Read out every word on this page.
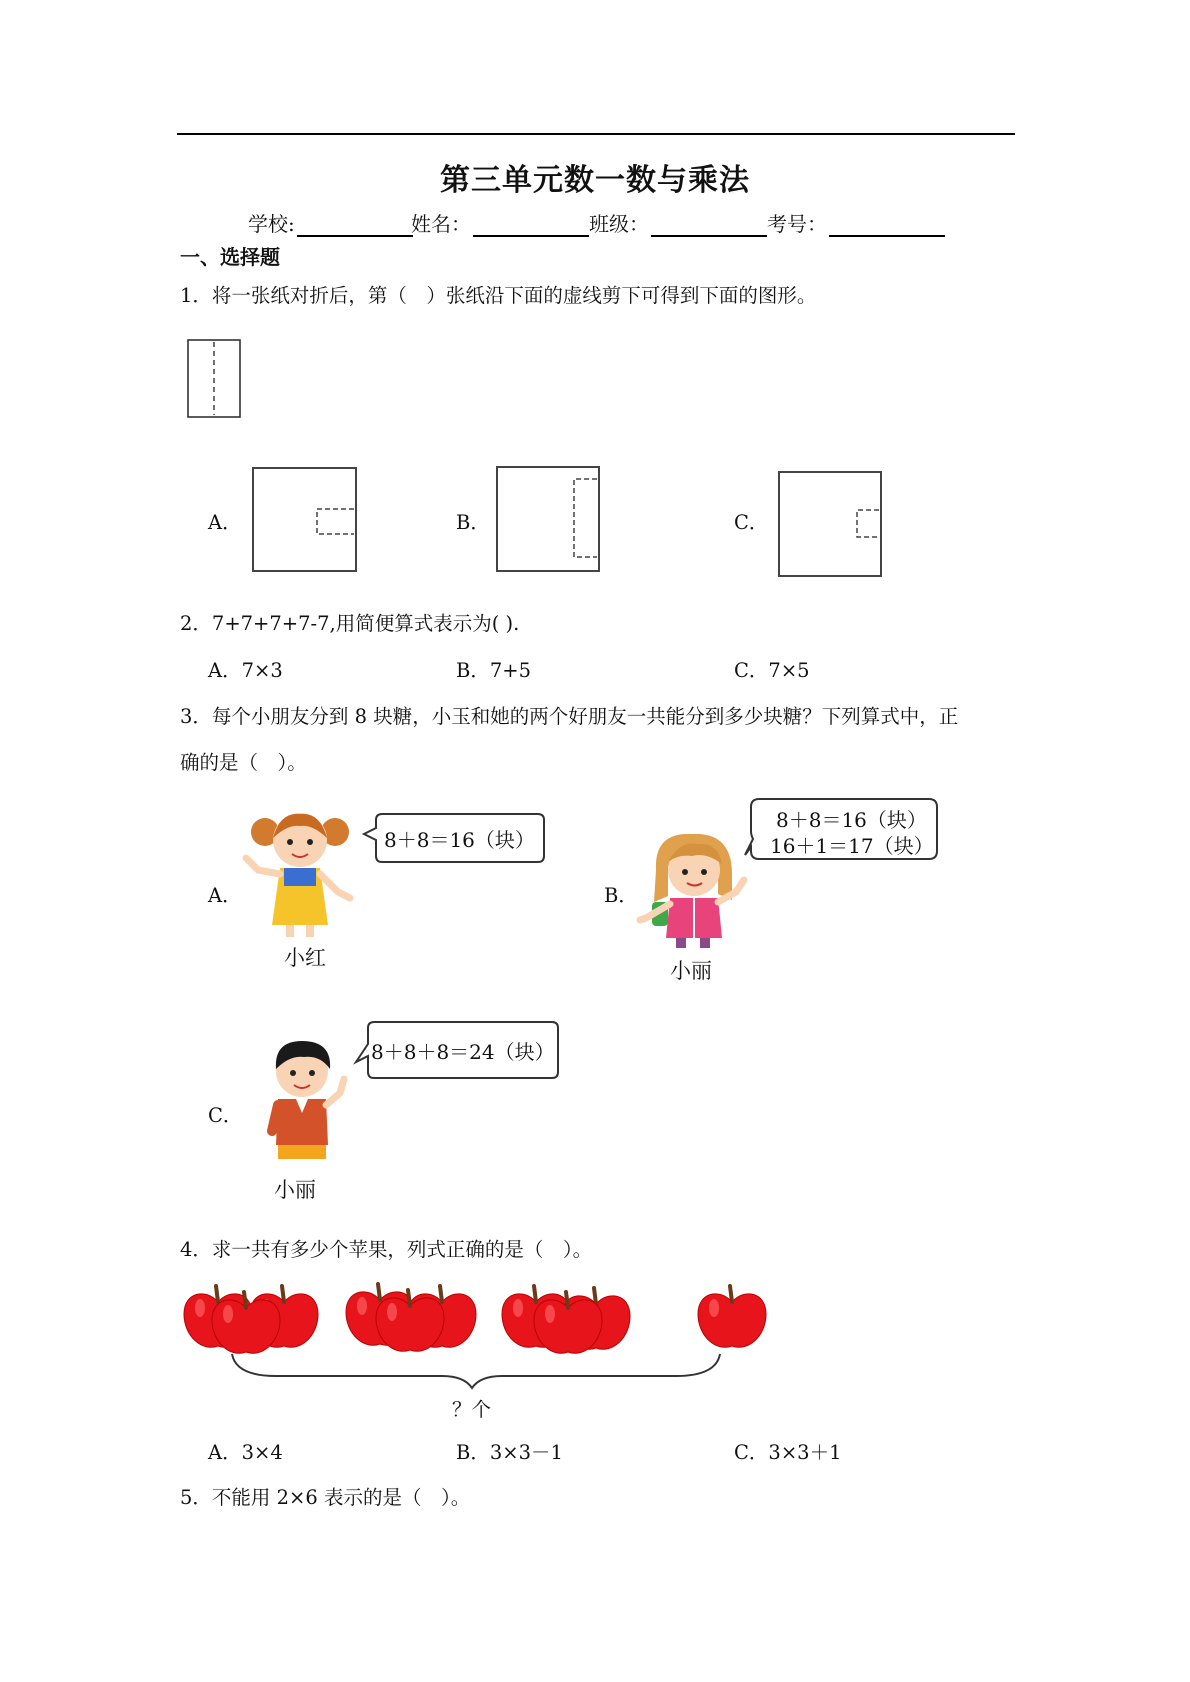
第三单元数一数与乘法
学校:	姓名：	班级：	考号：
一、选择题
1．将一张纸对折后，第（　）张纸沿下面的虚线剪下可得到下面的图形。
A．	B．	C．
2．7+7+7+7-7,用简便算式表示为( ).
A．7×3	B．7+5	C．7×5
3．每个小朋友分到 8 块糖，小玉和她的两个好朋友一共能分到多少块糖？下列算式中，正
确的是（　）。
A．
8＋8＝16（块）
小红
B．
8＋8＝16（块）
16＋1＝17（块）
小丽
C．
8＋8＋8＝24（块）
小丽
4．求一共有多少个苹果，列式正确的是（　）。
？个
A．3×4	B．3×3－1	C．3×3＋1
5．不能用 2×6 表示的是（　）。
